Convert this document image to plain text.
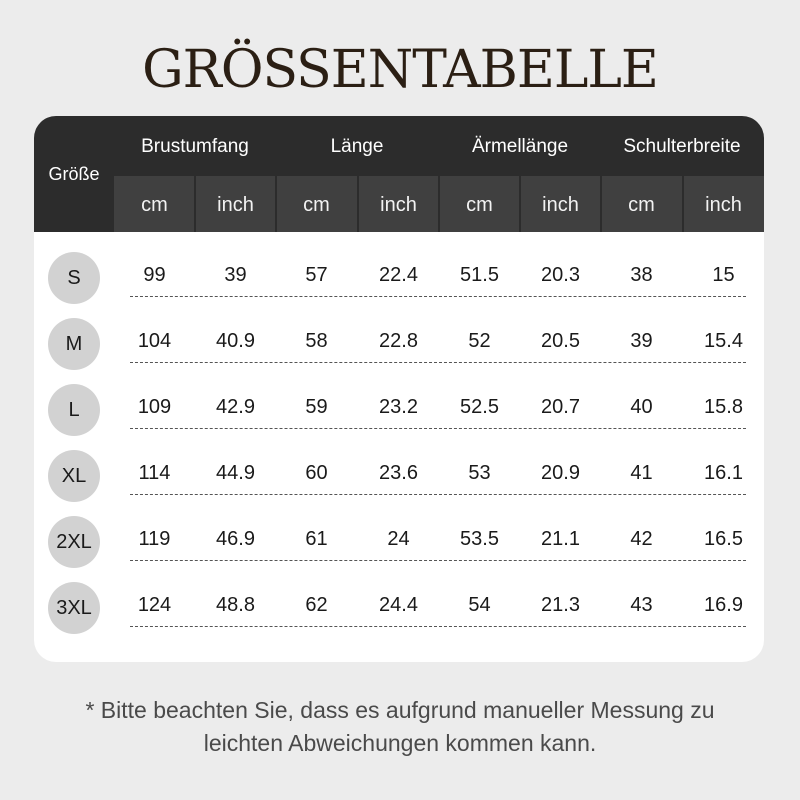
GRÖSSENTABELLE
Größe
Brustumfang	Länge	Ärmellänge	Schulterbreite
cm	inch	cm	inch	cm	inch	cm	inch
S	99	39	57	22.4	51.5	20.3	38	15
M	104	40.9	58	22.8	52	20.5	39	15.4
L	109	42.9	59	23.2	52.5	20.7	40	15.8
XL	114	44.9	60	23.6	53	20.9	41	16.1
2XL	119	46.9	61	24	53.5	21.1	42	16.5
3XL	124	48.8	62	24.4	54	21.3	43	16.9
* Bitte beachten Sie, dass es aufgrund manueller Messung zu
leichten Abweichungen kommen kann.
